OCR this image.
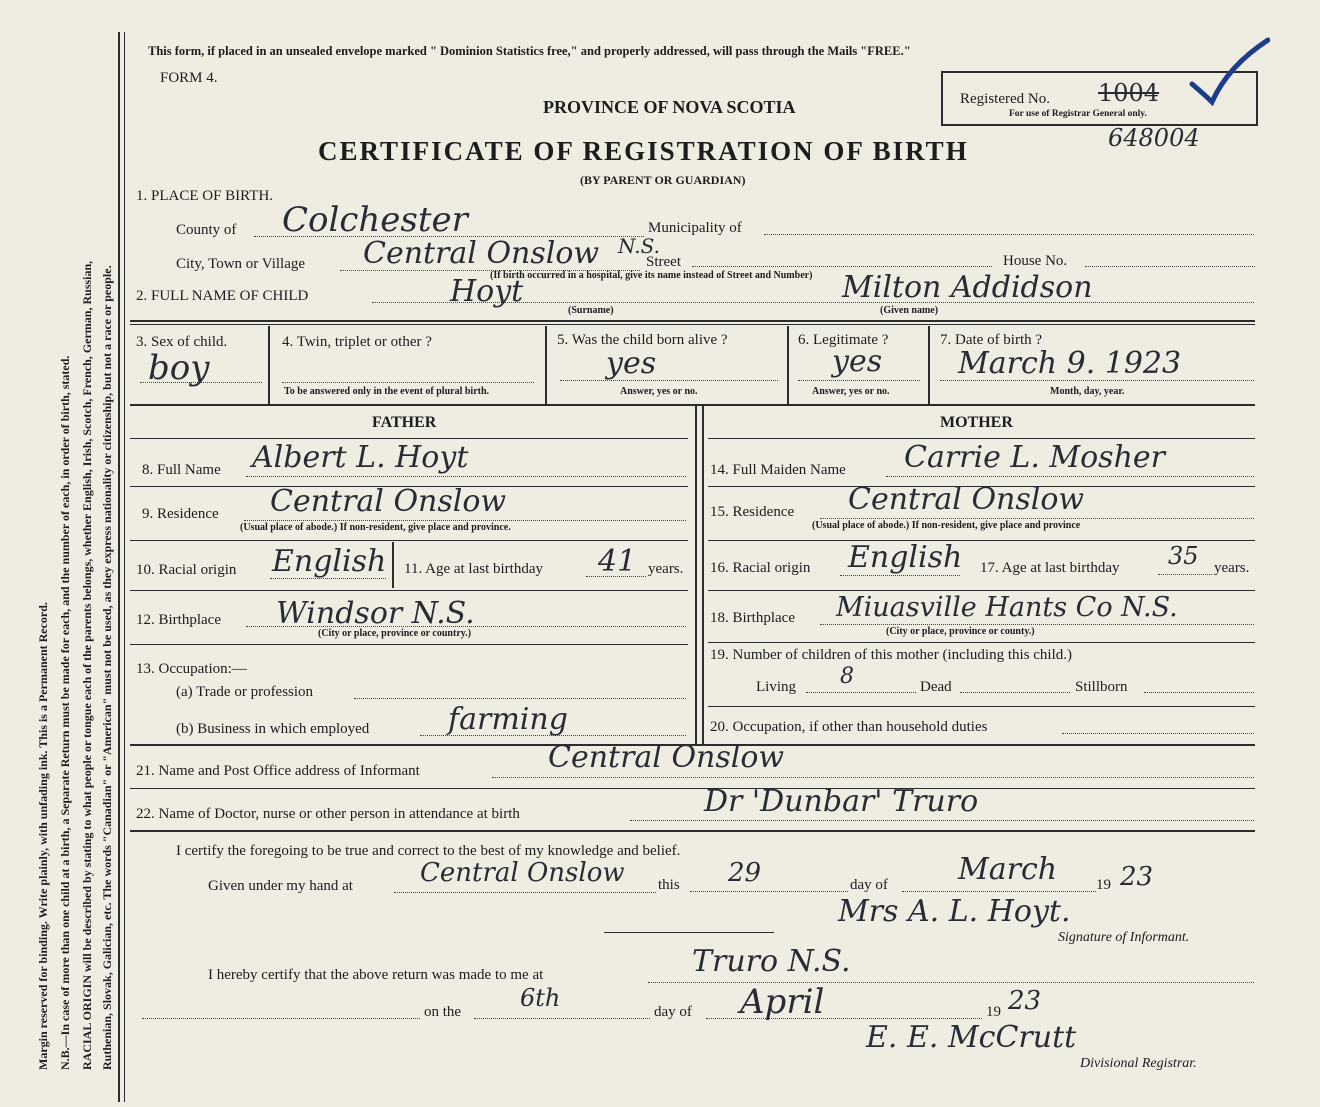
Margin reserved for binding. Write plainly, with unfading ink. This is a Permanent Record. N.B.—In case of more than one child at a birth, a Separate Return must be made for each, and the number of each, in order of birth, stated. RACIAL ORIGIN will be described by stating to what people or tongue each of the parents belongs, whether English, Irish, Scotch, French, German, Russian, Ruthenian, Slovak, Galician, etc. The words "Canadian" or "American" must not be used, as they express nationality or citizenship, but not a race or people.
This form, if placed in an unsealed envelope marked " Dominion Statistics free," and properly addressed, will pass through the Mails "FREE."
FORM 4.
PROVINCE OF NOVA SCOTIA
CERTIFICATE OF REGISTRATION OF BIRTH
(BY PARENT OR GUARDIAN)
Registered No. 1004
For use of Registrar General only.
648004
1. PLACE OF BIRTH.
County of Colchester	Municipality of
City, Town or Village Central Onslow N.S.
Street	House No.
(If birth occurred in a hospital, give its name instead of Street and Number)
2. FULL NAME OF CHILD	Hoyt
(Surname)
Milton Addidson
(Given name)
3. Sex of child.
boy
4. Twin, triplet or other ?
To be answered only in the event of plural birth.
5. Was the child born alive ?
yes
Answer, yes or no.
6. Legitimate ?
yes
Answer, yes or no.
7. Date of birth ?
March 9. 1923
Month, day, year.
FATHER	MOTHER
8. Full Name Albert L. Hoyt
9. Residence Central Onslow
(Usual place of abode.) If non-resident, give place and province.
10. Racial origin English 11. Age at last birthday 41 years.
12. Birthplace Windsor N.S.
(City or place, province or country.)
13. Occupation:—
(a) Trade or profession
(b) Business in which employed	farming
14. Full Maiden Name Carrie L. Mosher
15. Residence Central Onslow
(Usual place of abode.) If non-resident, give place and province
16. Racial origin English 17. Age at last birthday 35 years.
18. Birthplace Miuasville Hants Co N.S.
(City or place, province or county.)
19. Number of children of this mother (including this child.)
Living 8	Dead	Stillborn
20. Occupation, if other than household duties
21. Name and Post Office address of Informant	Central Onslow
22. Name of Doctor, nurse or other person in attendance at birth	Dr 'Dunbar' Truro
I certify the foregoing to be true and correct to the best of my knowledge and belief.
Given under my hand at	Central Onslow this 29	day of March	19 23
Mrs A. L. Hoyt.
Signature of Informant.
I hereby certify that the above return was made to me at	Truro N.S.
on the 6th	day of April	19 23
E. E. McCrutt
Divisional Registrar.
